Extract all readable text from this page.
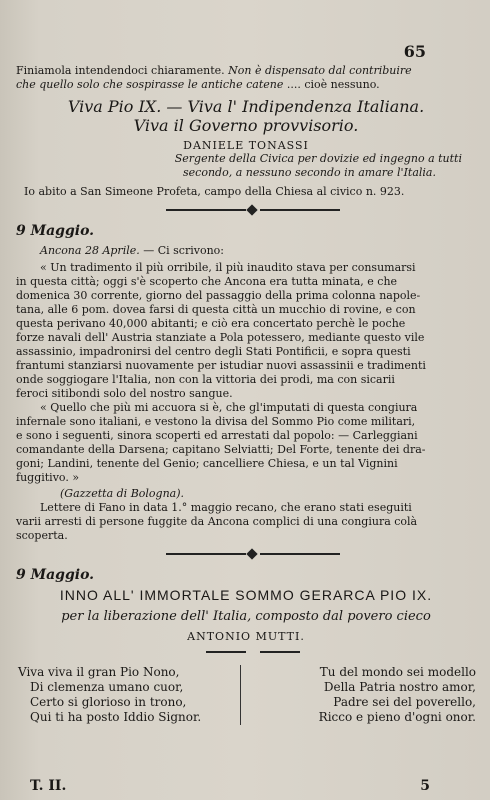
65
Finiamola intendendoci chiaramente. Non è dispensato dal contribuire
che quello solo che sospirasse le antiche catene .... cioè nessuno.
Viva Pio IX. — Viva l' Indipendenza Italiana.
Viva il Governo provvisorio.
DANIELE TONASSI
Sergente della Civica per dovizie ed ingegno a tutti
secondo, a nessuno secondo in amare l'Italia.
Io abito a San Simeone Profeta, campo della Chiesa al civico n. 923.
9 Maggio.
Ancona 28 Aprile. — Ci scrivono:
« Un tradimento il più orribile, il più inaudito stava per consumarsi
in questa città; oggi s'è scoperto che Ancona era tutta minata, e che
domenica 30 corrente, giorno del passaggio della prima colonna napole-
tana, alle 6 pom. dovea farsi di questa città un mucchio di rovine, e con
questa perivano 40,000 abitanti; e ciò era concertato perchè le poche
forze navali dell' Austria stanziate a Pola potessero, mediante questo vile
assassinio, impadronirsi del centro degli Stati Pontificii, e sopra questi
frantumi stanziarsi nuovamente per istudiar nuovi assassinii e tradimenti
onde soggiogare l'Italia, non con la vittoria dei prodi, ma con sicarii
feroci sitibondi solo del nostro sangue.
« Quello che più mi accuora si è, che gl'imputati di questa congiura
infernale sono italiani, e vestono la divisa del Sommo Pio come militari,
e sono i seguenti, sinora scoperti ed arrestati dal popolo: — Carleggiani
comandante della Darsena; capitano Selviatti; Del Forte, tenente dei dra-
goni; Landini, tenente del Genio; cancelliere Chiesa, e un tal Vignini
fuggitivo. »
(Gazzetta di Bologna).
Lettere di Fano in data 1.° maggio recano, che erano stati eseguiti
varii arresti di persone fuggite da Ancona complici di una congiura colà
scoperta.
9 Maggio.
INNO ALL' IMMORTALE SOMMO GERARCA PIO IX.
per la liberazione dell' Italia, composto dal povero cieco
ANTONIO MUTTI.
Viva viva il gran Pio Nono,
Di clemenza umano cuor,
Certo si glorioso in trono,
Qui ti ha posto Iddio Signor.
Tu del mondo sei modello
Della Patria nostro amor,
Padre sei del poverello,
Ricco e pieno d'ogni onor.
T. II.	5
